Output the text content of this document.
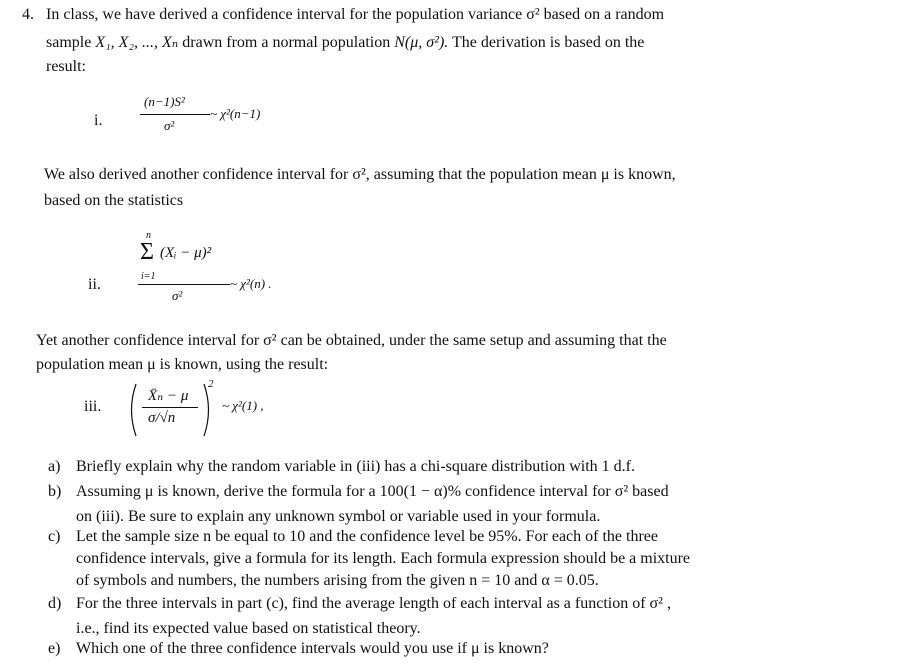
4. In class, we have derived a confidence interval for the population variance σ² based on a random
sample X₁, X₂, ..., Xₙ drawn from a normal population N(μ, σ²). The derivation is based on the
result:
i.
(n−1)S²
σ²
~ χ²(n−1)
We also derived another confidence interval for σ², assuming that the population mean μ is known,
based on the statistics
ii.
n
Σ (Xᵢ − μ)²
i=1
σ²
~ χ²(n) .
Yet another confidence interval for σ² can be obtained, under the same setup and assuming that the
population mean μ is known, using the result:
iii.
X̄ₙ − μ
σ/√n
2
~ χ²(1) ,
a) Briefly explain why the random variable in (iii) has a chi-square distribution with 1 d.f.
b) Assuming μ is known, derive the formula for a 100(1 − α)% confidence interval for σ² based
on (iii). Be sure to explain any unknown symbol or variable used in your formula.
c) Let the sample size n be equal to 10 and the confidence level be 95%. For each of the three
confidence intervals, give a formula for its length. Each formula expression should be a mixture
of symbols and numbers, the numbers arising from the given n = 10 and α = 0.05.
d) For the three intervals in part (c), find the average length of each interval as a function of σ² ,
i.e., find its expected value based on statistical theory.
e) Which one of the three confidence intervals would you use if μ is known?
